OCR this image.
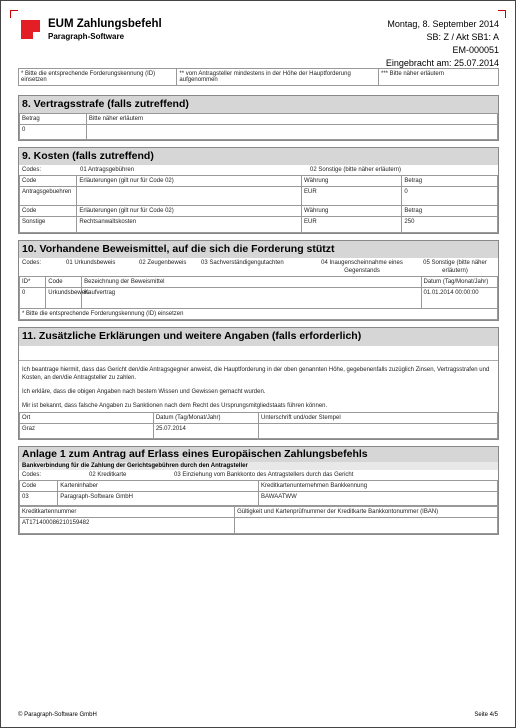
EUM Zahlungsbefehl
Paragraph-Software
Montag, 8. September 2014
SB: Z / Akt SB1: A
EM-000051
Eingebracht am: 25.07.2014
* Bitte die entsprechende Forderungskennung (ID) einsetzen	** vom Antragsteller mindestens in der Höhe der Hauptforderung aufgenommen	*** Bitte näher erläutern
8. Vertragsstrafe (falls zutreffend)
Betrag	Bitte näher erläutern
0	
9. Kosten (falls zutreffend)
Codes:	01 Antragsgebühren	02 Sonstige (bitte näher erläutern)
Code	Erläuterungen (gilt nur für Code 02)	Währung	Betrag
Antragsgebuehren		EUR	0
Code	Erläuterungen (gilt nur für Code 02)	Währung	Betrag
Sonstige	Rechtsanwaltskosten	EUR	250
10. Vorhandene Beweismittel, auf die sich die Forderung stützt
Codes:	01 Urkundsbeweis	02 Zeugenbeweis	03 Sachverständigengutachten	04 Inaugenscheinnahme eines Gegenstands
05 Sonstige (bitte näher erläutern)
ID*	Code	Bezeichnung der Beweismittel	Datum (Tag/Monat/Jahr)
0	Urkundsbeweis	Kaufvertrag	01.01.2014 00:00:00
* Bitte die entsprechende Forderungskennung (ID) einsetzen			
11. Zusätzliche Erklärungen und weitere Angaben (falls erforderlich)
Ich beantrage hiermit, dass das Gericht den/die Antragsgegner anweist, die Hauptforderung in der oben genannten Höhe, gegebenenfalls zuzüglich Zinsen, Vertragsstrafen und Kosten, an den/die Antragsteller zu zahlen.
Ich erkläre, dass die obigen Angaben nach bestem Wissen und Gewissen gemacht wurden.
Mir ist bekannt, dass falsche Angaben zu Sanktionen nach dem Recht des Ursprungsmitgliedstaats führen können.
Ort	Datum (Tag/Monat/Jahr)	Unterschrift und/oder Stempel
Graz	25.07.2014	
Anlage 1 zum Antrag auf Erlass eines Europäischen Zahlungsbefehls
Bankverbindung für die Zahlung der Gerichtsgebühren durch den Antragsteller
Codes:	02 Kreditkarte	03 Einziehung vom Bankkonto des Antragstellers durch das Gericht
Code	Karteninhaber	Kreditkartenunternehmen Bankkennung
03	Paragraph-Software GmbH	BAWAATWW
Kreditkartennummer	Gültigkeit und Kartenprüfnummer der Kreditkarte Bankkontonummer (IBAN)
AT171400086210159482	
© Paragraph-Software GmbH	Seite 4/5
